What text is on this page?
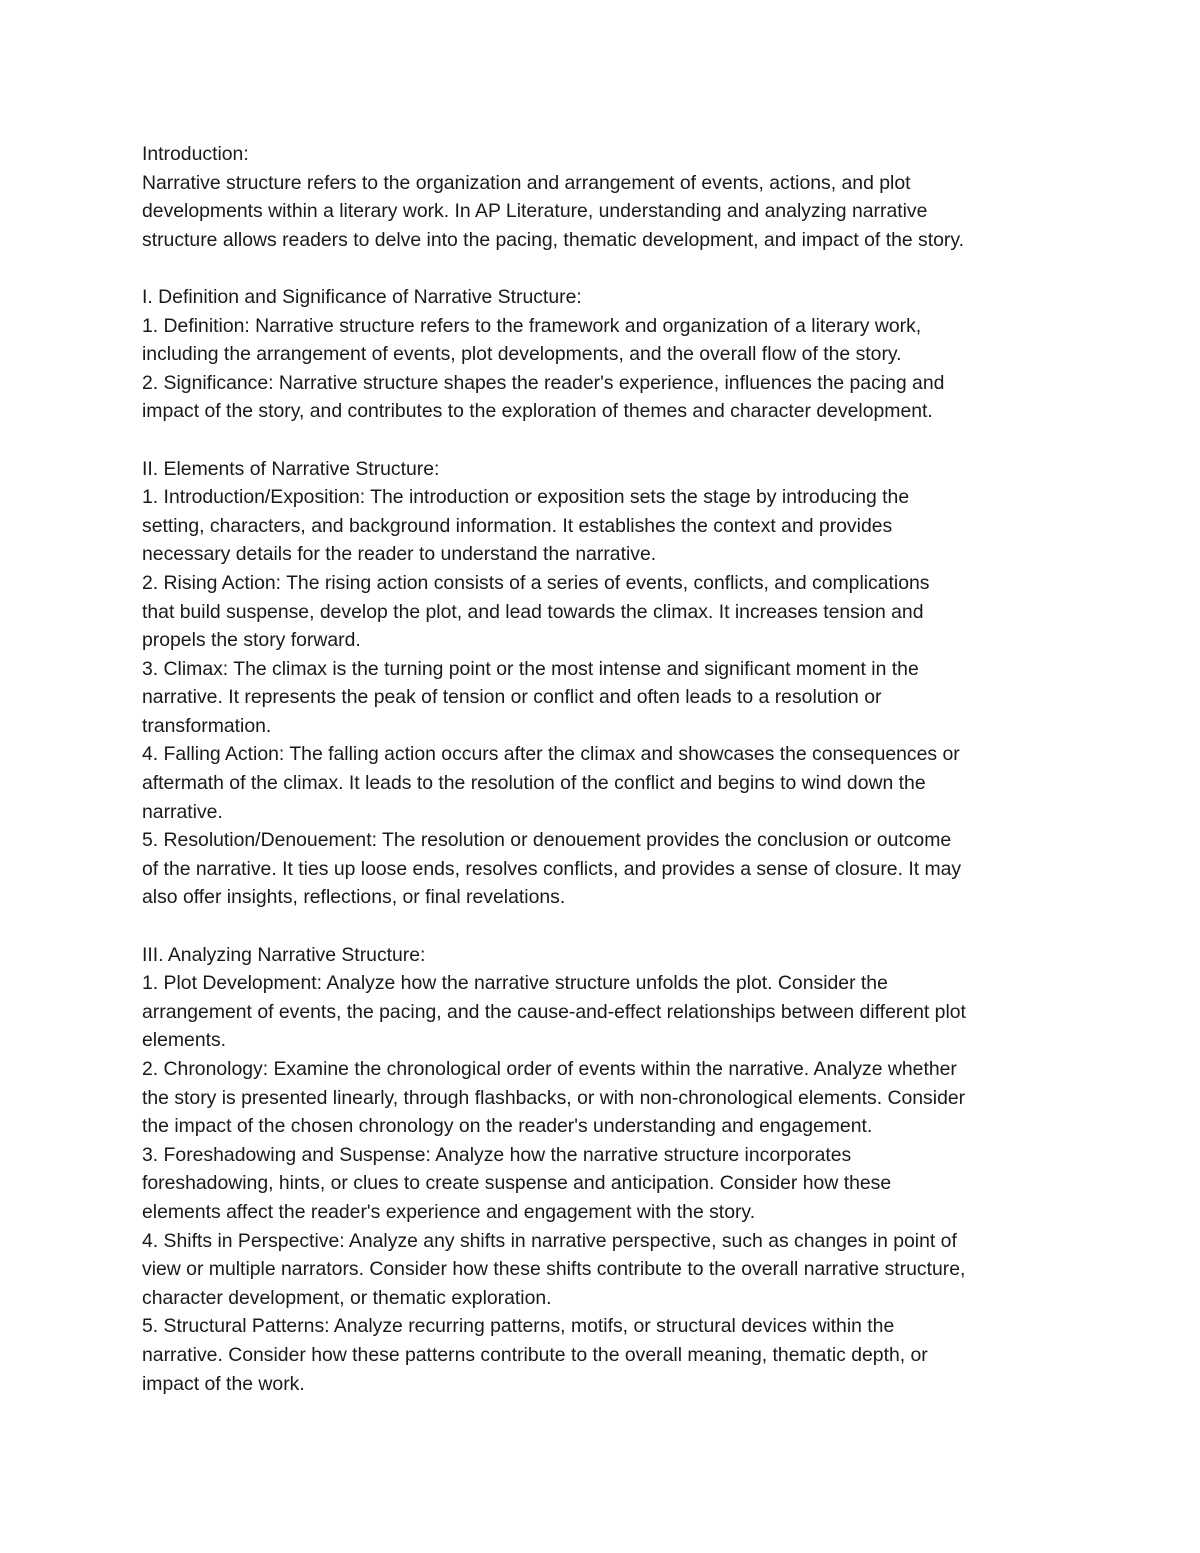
Introduction:

Narrative structure refers to the organization and arrangement of events, actions, and plot

developments within a literary work. In AP Literature, understanding and analyzing narrative

structure allows readers to delve into the pacing, thematic development, and impact of the story.

I. Definition and Significance of Narrative Structure:

1. Definition: Narrative structure refers to the framework and organization of a literary work,

including the arrangement of events, plot developments, and the overall flow of the story.

2. Significance: Narrative structure shapes the reader's experience, influences the pacing and

impact of the story, and contributes to the exploration of themes and character development.

II. Elements of Narrative Structure:

1. Introduction/Exposition: The introduction or exposition sets the stage by introducing the

setting, characters, and background information. It establishes the context and provides

necessary details for the reader to understand the narrative.

2. Rising Action: The rising action consists of a series of events, conflicts, and complications

that build suspense, develop the plot, and lead towards the climax. It increases tension and

propels the story forward.

3. Climax: The climax is the turning point or the most intense and significant moment in the

narrative. It represents the peak of tension or conflict and often leads to a resolution or

transformation.

4. Falling Action: The falling action occurs after the climax and showcases the consequences or

aftermath of the climax. It leads to the resolution of the conflict and begins to wind down the

narrative.

5. Resolution/Denouement: The resolution or denouement provides the conclusion or outcome

of the narrative. It ties up loose ends, resolves conflicts, and provides a sense of closure. It may

also offer insights, reflections, or final revelations.

III. Analyzing Narrative Structure:

1. Plot Development: Analyze how the narrative structure unfolds the plot. Consider the

arrangement of events, the pacing, and the cause-and-effect relationships between different plot

elements.

2. Chronology: Examine the chronological order of events within the narrative. Analyze whether

the story is presented linearly, through flashbacks, or with non-chronological elements. Consider

the impact of the chosen chronology on the reader's understanding and engagement.

3. Foreshadowing and Suspense: Analyze how the narrative structure incorporates

foreshadowing, hints, or clues to create suspense and anticipation. Consider how these

elements affect the reader's experience and engagement with the story.

4. Shifts in Perspective: Analyze any shifts in narrative perspective, such as changes in point of

view or multiple narrators. Consider how these shifts contribute to the overall narrative structure,

character development, or thematic exploration.

5. Structural Patterns: Analyze recurring patterns, motifs, or structural devices within the

narrative. Consider how these patterns contribute to the overall meaning, thematic depth, or

impact of the work.
